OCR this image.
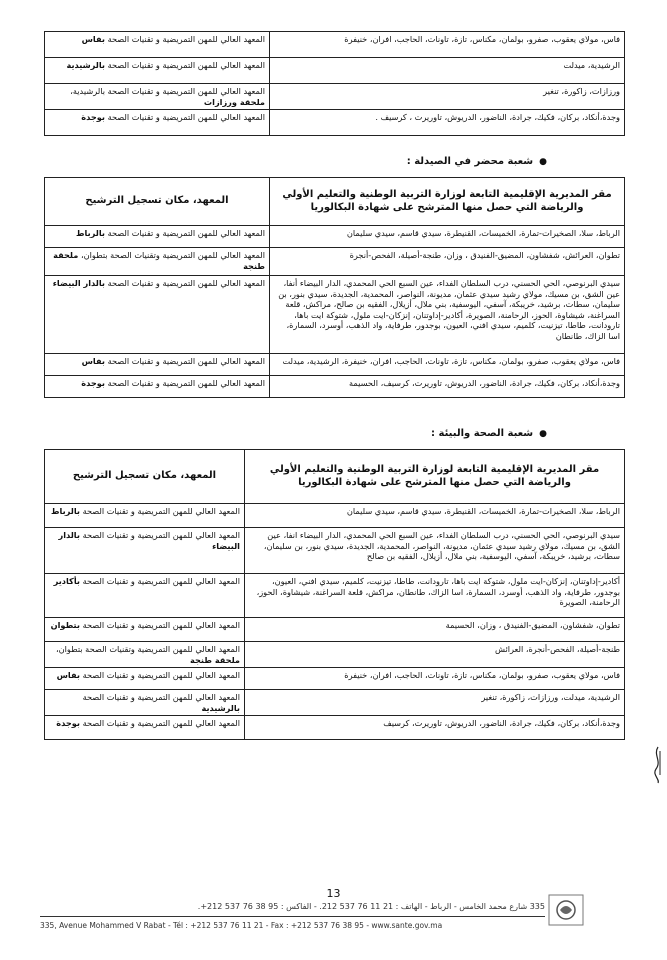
فاس، مولاي يعقوب، صفرو، بولمان، مكناس، تازة، تاونات، الحاجب، افران، خنيفرة	المعهد العالي للمهن التمريضية و تقنيات الصحة بفاس
الرشيدية، ميدلت	المعهد العالي للمهن التمريضية و تقنيات الصحة بالرشيدية
ورزازات، زاكورة، تنغير	المعهد العالي للمهن التمريضية و تقنيات الصحة بالرشيدية، ملحقة ورزازات
وجدة،أنكاد، بركان، فكيك، جرادة، الناضور، الدريوش، تاوريرت ، كرسيف .	المعهد العالي للمهن التمريضية و تقنيات الصحة بوجدة
●شعبة محضر في الصيدلة :
مقر المديرية الإقليمية التابعة لوزارة التربية الوطنية والتعليم الأولي والرياضة التي حصل منها المترشح على شهادة البكالوريا	المعهد، مكان تسجيل الترشيح
الرباط، سلا، الصخيرات-تمارة، الخميسات، القنيطرة، سيدي قاسم، سيدي سليمان	المعهد العالي للمهن التمريضية و تقنيات الصحة بالرباط
تطوان، العرائش، شفشاون، المضيق-الفنيدق ، وزان، طنجة-أصيلة، الفحص-أنجرة	المعهد العالي للمهن التمريضية وتقنيات الصحة بتطوان، ملحقة طنجة
سيدي البرنوصي، الحي الحسني، درب السلطان الفداء، عين السبع الحي المحمدي، الدار البيضاء أنفا، عين الشق، بن مسيك، مولاي رشيد سيدي عثمان، مديونة، النواصر، المحمدية، الجديدة، سيدي بنور، بن سليمان، سطات، برشيد، خريبكة، آسفي، اليوسفية، بني ملال، أزيلال، الفقيه بن صالح، مراكش، قلعة السراغنة، شيشاوة، الحوز، الرحامنة، الصويرة، أكادير-إداوتنان، إنزكان-ايت ملول، شتوكة ايت باها، تارودانت، طاطا، تيزنيت، كلميم، سيدي افني، العيون، بوجدور، طرفاية، واد الذهب، أوسرد، السمارة، اسا الزاك، طانطان	المعهد العالي للمهن التمريضية و تقنيات الصحة بالدار البيضاء
فاس، مولاي يعقوب، صفرو، بولمان، مكناس، تازة، تاونات، الحاجب، افران، خنيفرة، الرشيدية، ميدلت	المعهد العالي للمهن التمريضية و تقنيات الصحة بفاس
وجدة،أنكاد، بركان، فكيك، جرادة، الناضور، الدريوش، تاوريرت، كرسيف، الحسيمة	المعهد العالي للمهن التمريضية و تقنيات الصحة بوجدة
●شعبة الصحة والبيئة :
مقر المديرية الإقليمية التابعة لوزارة التربية الوطنية والتعليم الأولي والرياضة التي حصل منها المترشح على شهادة البكالوريا	المعهد، مكان تسجيل الترشيح
الرباط، سلا، الصخيرات-تمارة، الخميسات، القنيطرة، سيدي قاسم، سيدي سليمان	المعهد العالي للمهن التمريضية و تقنيات الصحة بالرباط
سيدي البرنوصي، الحي الحسني، درب السلطان الفداء، عين السبع الحي المحمدي، الدار البيضاء انفا، عين الشق، بن مسيك، مولاي رشيد سيدي عثمان، مديونة، النواصر، المحمدية، الجديدة، سيدي بنور، بن سليمان، سطات، برشيد، خريبكة، آسفي، اليوسفية، بني ملال، أزيلال، الفقيه بن صالح	المعهد العالي للمهن التمريضية و تقنيات الصحة بالدار البيضاء
أكادير-إداوتنان، إنزكان-ايت ملول، شتوكة ايت باها، تارودانت، طاطا، تيزنيت، كلميم، سيدي افني، العيون، بوجدور، طرفاية، واد الذهب، أوسرد، السمارة، اسا الزاك، طانطان، مراكش، قلعة السراغنة، شيشاوة، الحوز، الرحامنة، الصويرة	المعهد العالي للمهن التمريضية و تقنيات الصحة بأكادير
تطوان، شفشاون، المضيق-الفنيدق ، وزان، الحسيمة	المعهد العالي للمهن التمريضية و تقنيات الصحة بتطوان
طنجة-أصيلة، الفحص-أنجرة، العرائش	المعهد العالي للمهن التمريضية وتقنيات الصحة بتطوان، ملحقة طنجة
فاس، مولاي يعقوب، صفرو، بولمان، مكناس، تازة، تاونات، الحاجب، افران، خنيفرة	المعهد العالي للمهن التمريضية و تقنيات الصحة بفاس
الرشيدية، ميدلت، ورزازات، زاكورة، تنغير	المعهد العالي للمهن التمريضية و تقنيات الصحة بالرشيدية
وجدة،أنكاد، بركان، فكيك، جرادة، الناضور، الدريوش، تاوريرت، كرسيف	المعهد العالي للمهن التمريضية و تقنيات الصحة بوجدة
13
335 شارع محمد الخامس - الرباط - الهاتف : 21 11 76 537 212. - الفاكس : 95 38 76 537 212+.
335, Avenue Mohammed V Rabat - Tél : +212 537 76 11 21 - Fax : +212 537 76 38 95 - www.sante.gov.ma
